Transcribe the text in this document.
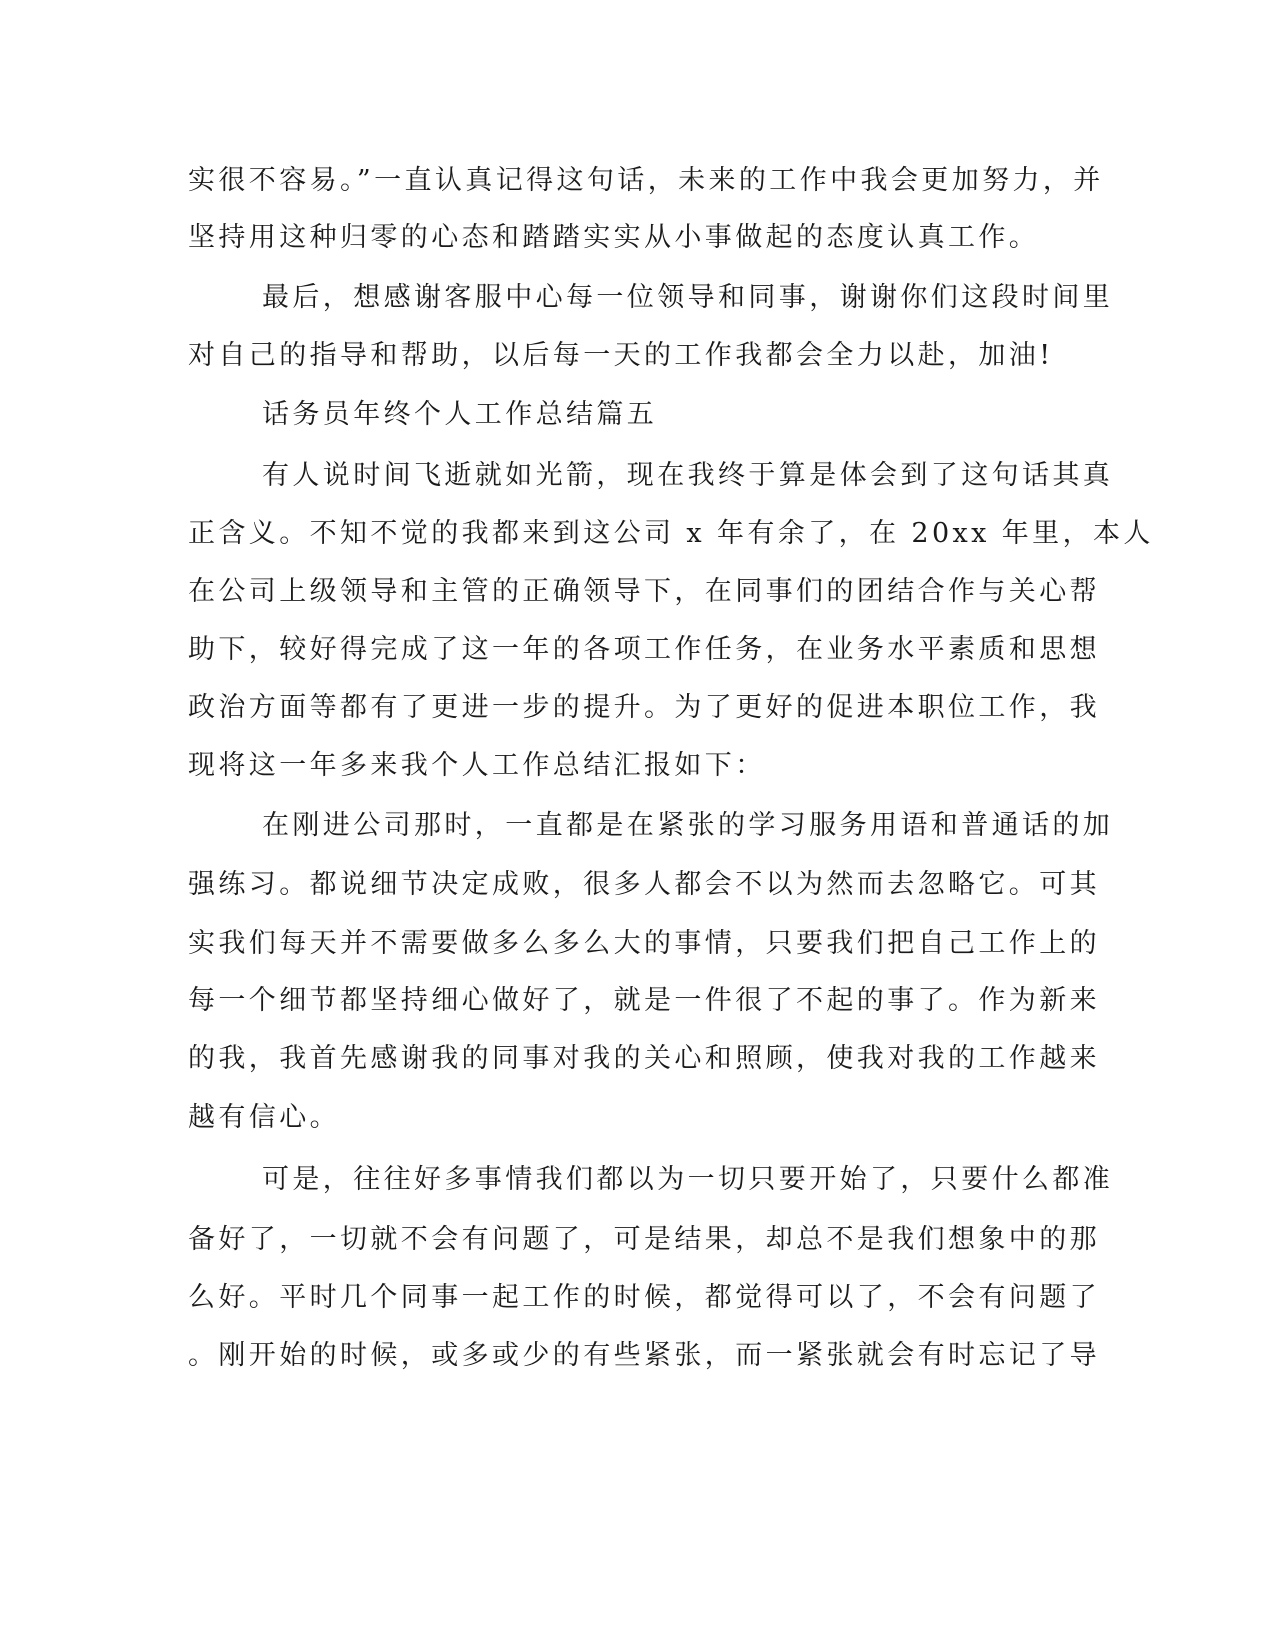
实很不容易。”一直认真记得这句话，未来的工作中我会更加努力，并
坚持用这种归零的心态和踏踏实实从小事做起的态度认真工作。
最后，想感谢客服中心每一位领导和同事，谢谢你们这段时间里
对自己的指导和帮助，以后每一天的工作我都会全力以赴，加油!
话务员年终个人工作总结篇五
有人说时间飞逝就如光箭，现在我终于算是体会到了这句话其真
正含义。不知不觉的我都来到这公司 x 年有余了，在 20xx 年里，本人
在公司上级领导和主管的正确领导下，在同事们的团结合作与关心帮
助下，较好得完成了这一年的各项工作任务，在业务水平素质和思想
政治方面等都有了更进一步的提升。为了更好的促进本职位工作，我
现将这一年多来我个人工作总结汇报如下：
在刚进公司那时，一直都是在紧张的学习服务用语和普通话的加
强练习。都说细节决定成败，很多人都会不以为然而去忽略它。可其
实我们每天并不需要做多么多么大的事情，只要我们把自己工作上的
每一个细节都坚持细心做好了，就是一件很了不起的事了。作为新来
的我，我首先感谢我的同事对我的关心和照顾，使我对我的工作越来
越有信心。
可是，往往好多事情我们都以为一切只要开始了，只要什么都准
备好了，一切就不会有问题了，可是结果，却总不是我们想象中的那
么好。平时几个同事一起工作的时候，都觉得可以了，不会有问题了
。刚开始的时候，或多或少的有些紧张，而一紧张就会有时忘记了导
